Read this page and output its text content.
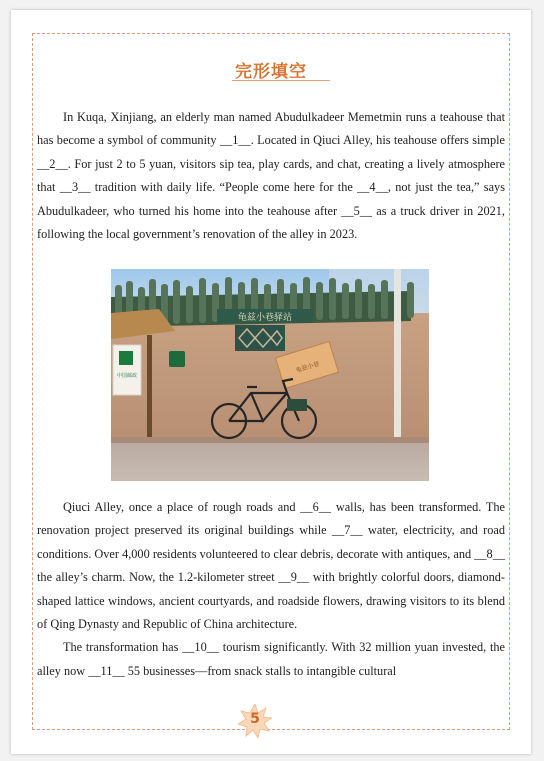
完形填空

In Kuqa, Xinjiang, an elderly man named Abudulkadeer Memetmin runs a teahouse that has become a symbol of community __1__. Located in Qiuci Alley, his teahouse offers simple __2__. For just 2 to 5 yuan, visitors sip tea, play cards, and chat, creating a lively atmosphere that __3__ tradition with daily life. “People come here for the __4__, not just the tea,” says Abudulkadeer, who turned his home into the teahouse after __5__ as a truck driver in 2021, following the local government’s renovation of the alley in 2023.

龟兹小巷驿站
中国邮政
龟兹小巷

Qiuci Alley, once a place of rough roads and __6__ walls, has been transformed. The renovation project preserved its original buildings while __7__ water, electricity, and road conditions. Over 4,000 residents volunteered to clear debris, decorate with antiques, and __8__ the alley’s charm. Now, the 1.2-kilometer street __9__ with brightly colorful doors, diamond-shaped lattice windows, ancient courtyards, and roadside flowers, drawing visitors to its blend of Qing Dynasty and Republic of China architecture.

The transformation has __10__ tourism significantly. With 32 million yuan invested, the alley now __11__ 55 businesses—from snack stalls to intangible cultural

5
